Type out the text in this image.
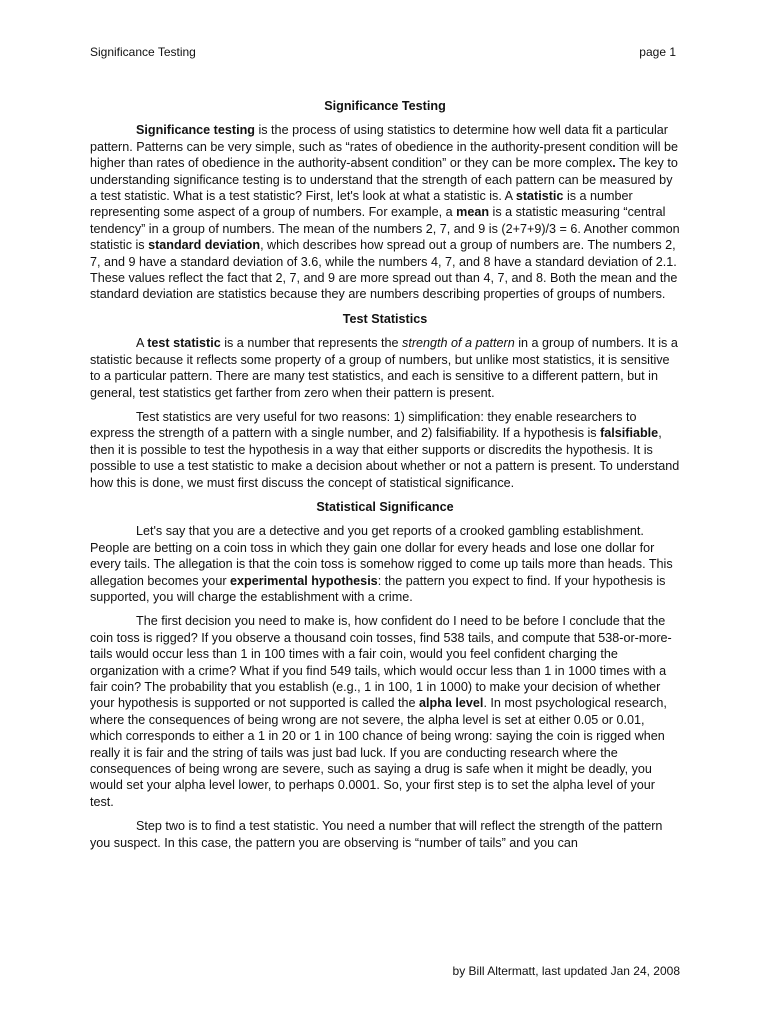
Significance Testing	page 1
Significance Testing

Significance testing is the process of using statistics to determine how well data fit a particular pattern. Patterns can be very simple, such as “rates of obedience in the authority-present condition will be higher than rates of obedience in the authority-absent condition” or they can be more complex. The key to understanding significance testing is to understand that the strength of each pattern can be measured by a test statistic. What is a test statistic? First, let's look at what a statistic is. A statistic is a number representing some aspect of a group of numbers. For example, a mean is a statistic measuring “central tendency” in a group of numbers. The mean of the numbers 2, 7, and 9 is (2+7+9)/3 = 6. Another common statistic is standard deviation, which describes how spread out a group of numbers are. The numbers 2, 7, and 9 have a standard deviation of 3.6, while the numbers 4, 7, and 8 have a standard deviation of 2.1. These values reflect the fact that 2, 7, and 9 are more spread out than 4, 7, and 8. Both the mean and the standard deviation are statistics because they are numbers describing properties of groups of numbers.

Test Statistics

A test statistic is a number that represents the strength of a pattern in a group of numbers. It is a statistic because it reflects some property of a group of numbers, but unlike most statistics, it is sensitive to a particular pattern. There are many test statistics, and each is sensitive to a different pattern, but in general, test statistics get farther from zero when their pattern is present.

Test statistics are very useful for two reasons: 1) simplification: they enable researchers to express the strength of a pattern with a single number, and 2) falsifiability. If a hypothesis is falsifiable, then it is possible to test the hypothesis in a way that either supports or discredits the hypothesis. It is possible to use a test statistic to make a decision about whether or not a pattern is present. To understand how this is done, we must first discuss the concept of statistical significance.

Statistical Significance

Let's say that you are a detective and you get reports of a crooked gambling establishment. People are betting on a coin toss in which they gain one dollar for every heads and lose one dollar for every tails. The allegation is that the coin toss is somehow rigged to come up tails more than heads. This allegation becomes your experimental hypothesis: the pattern you expect to find. If your hypothesis is supported, you will charge the establishment with a crime.

The first decision you need to make is, how confident do I need to be before I conclude that the coin toss is rigged? If you observe a thousand coin tosses, find 538 tails, and compute that 538-or-more-tails would occur less than 1 in 100 times with a fair coin, would you feel confident charging the organization with a crime? What if you find 549 tails, which would occur less than 1 in 1000 times with a fair coin? The probability that you establish (e.g., 1 in 100, 1 in 1000) to make your decision of whether your hypothesis is supported or not supported is called the alpha level. In most psychological research, where the consequences of being wrong are not severe, the alpha level is set at either 0.05 or 0.01, which corresponds to either a 1 in 20 or 1 in 100 chance of being wrong: saying the coin is rigged when really it is fair and the string of tails was just bad luck. If you are conducting research where the consequences of being wrong are severe, such as saying a drug is safe when it might be deadly, you would set your alpha level lower, to perhaps 0.0001. So, your first step is to set the alpha level of your test.

Step two is to find a test statistic. You need a number that will reflect the strength of the pattern you suspect. In this case, the pattern you are observing is “number of tails” and you can

by Bill Altermatt, last updated Jan 24, 2008
